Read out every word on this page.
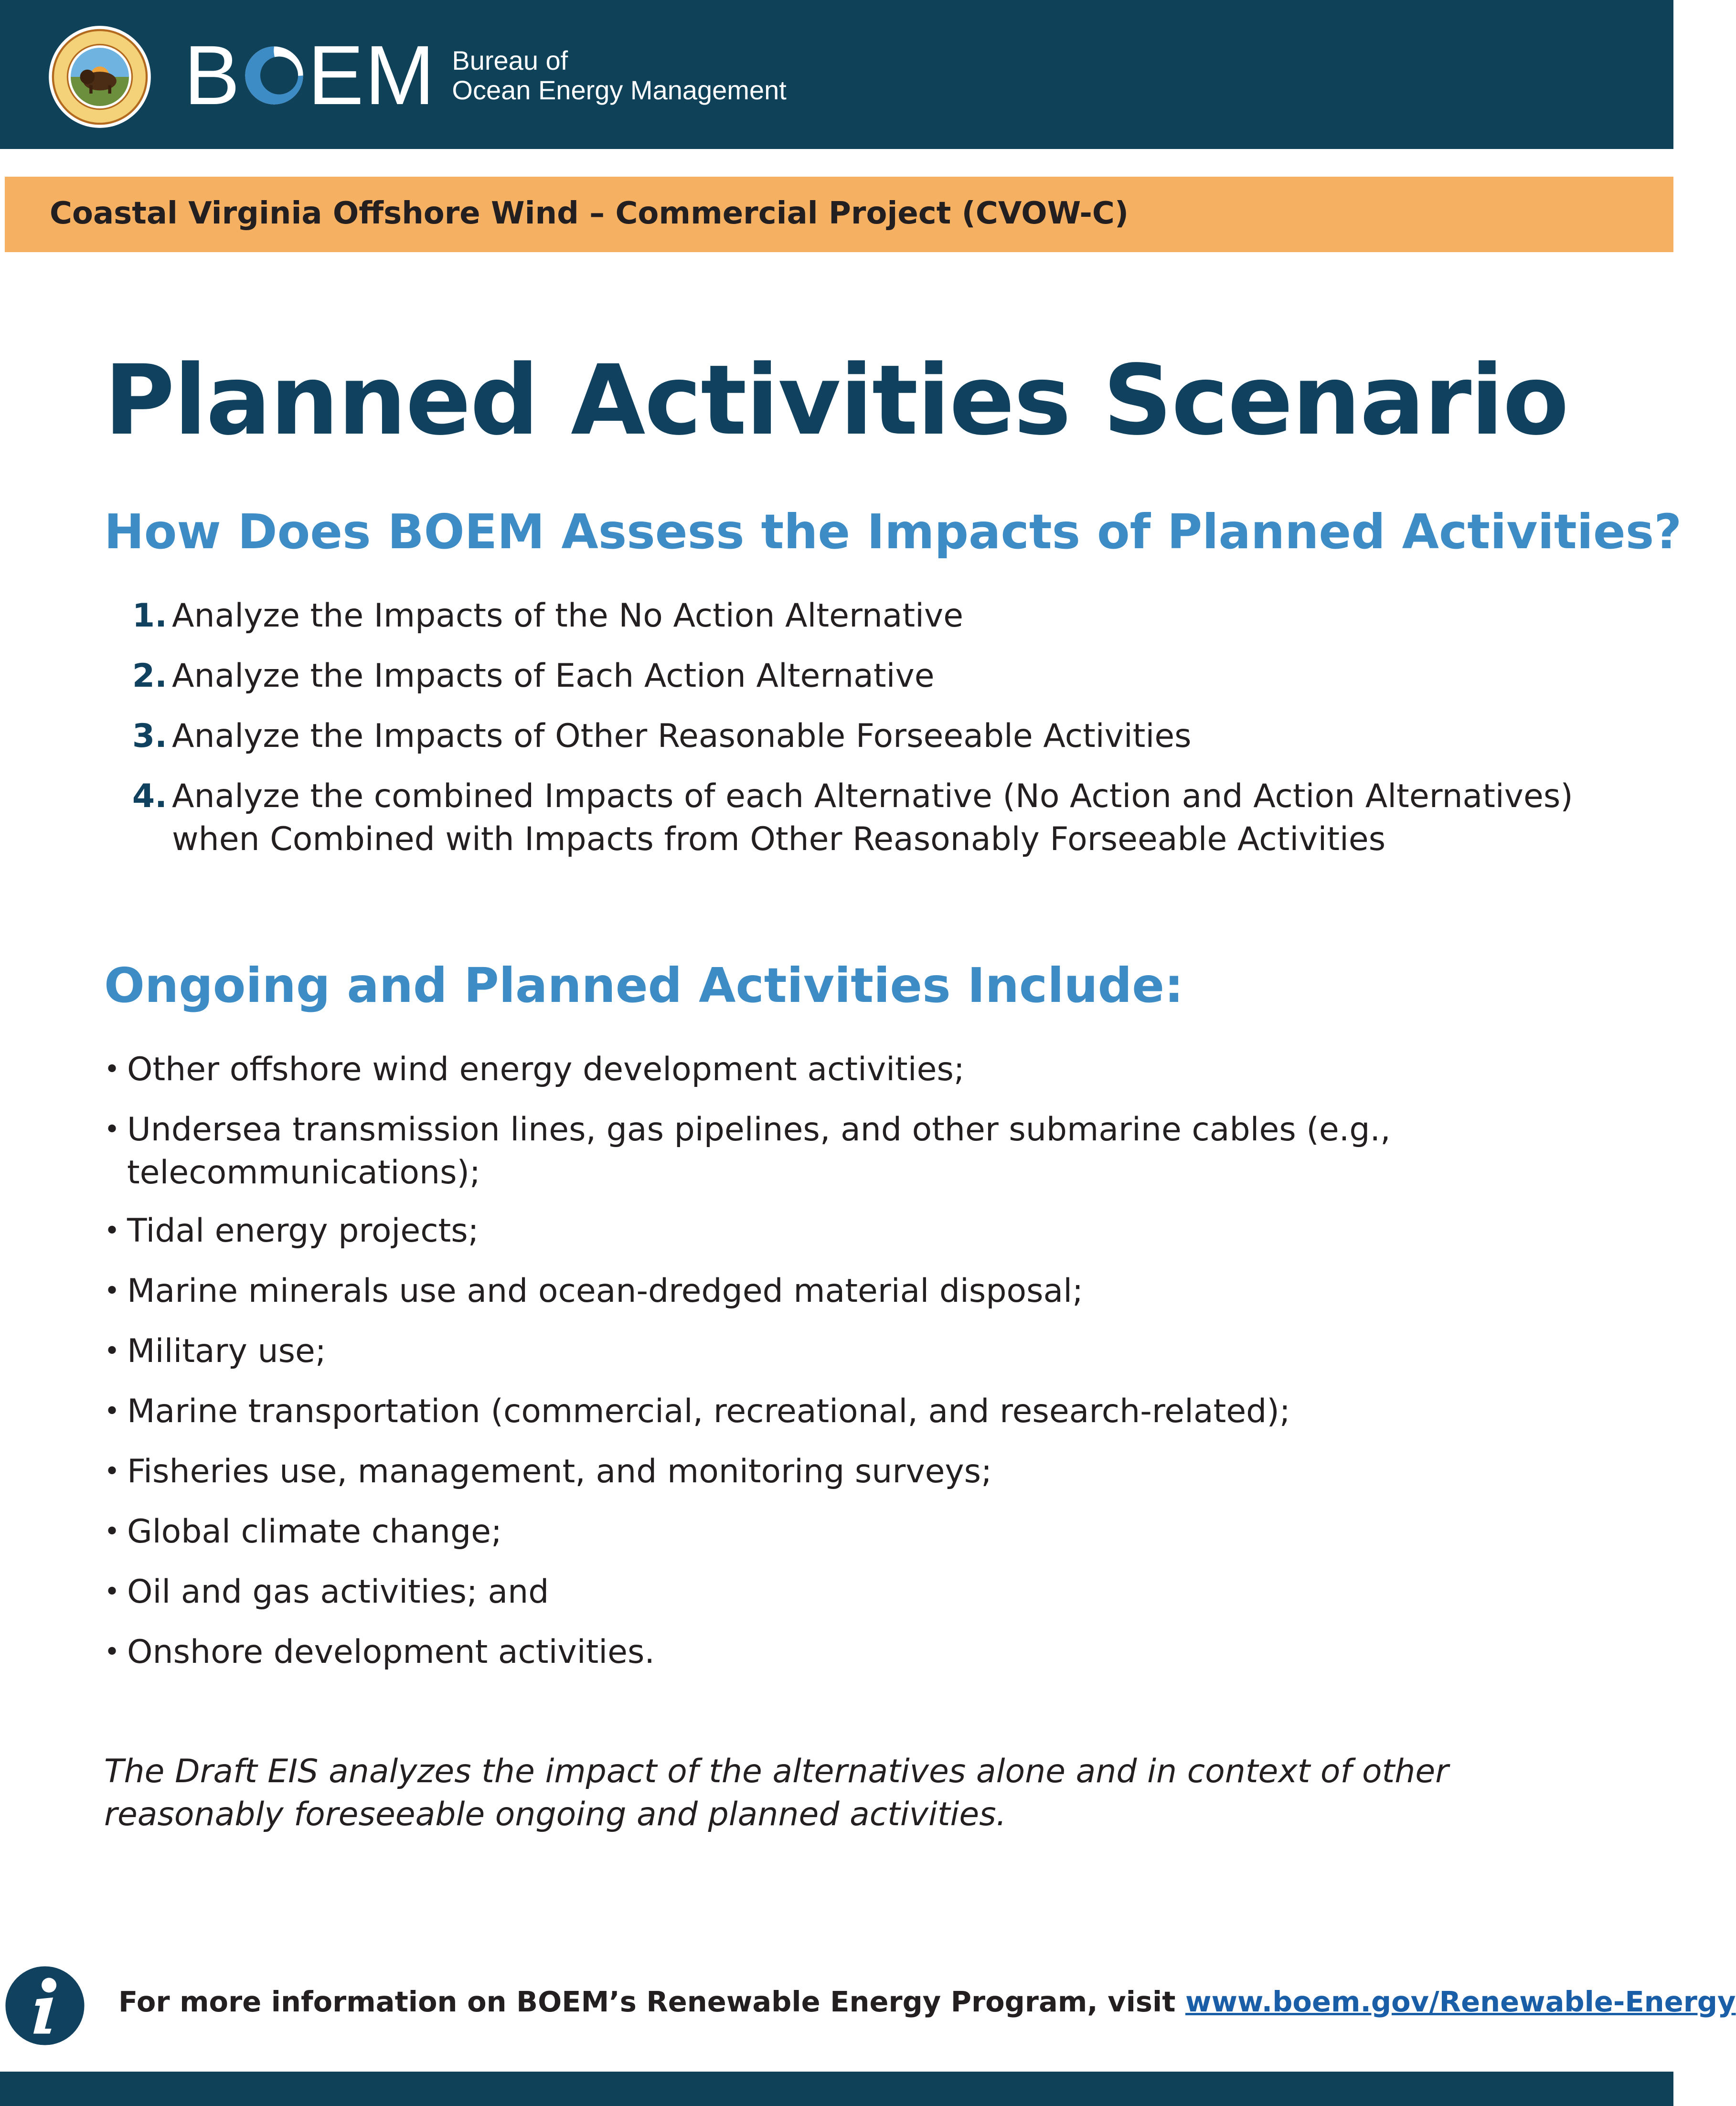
B EM Bureau of
Ocean Energy Management
Coastal Virginia Offshore Wind – Commercial Project (CVOW-C)
Planned Activities Scenario
How Does BOEM Assess the Impacts of Planned Activities?
1. Analyze the Impacts of the No Action Alternative
2. Analyze the Impacts of Each Action Alternative
3. Analyze the Impacts of Other Reasonable Forseeable Activities
4. Analyze the combined Impacts of each Alternative (No Action and Action Alternatives) when Combined with Impacts from Other Reasonably Forseeable Activities
Ongoing and Planned Activities Include:
• Other offshore wind energy development activities;
• Undersea transmission lines, gas pipelines, and other submarine cables (e.g., telecommunications);
• Tidal energy projects;
• Marine minerals use and ocean-dredged material disposal;
• Military use;
• Marine transportation (commercial, recreational, and research-related);
• Fisheries use, management, and monitoring surveys;
• Global climate change;
• Oil and gas activities; and
• Onshore development activities.

The Draft EIS analyzes the impact of the alternatives alone and in context of other reasonably foreseeable ongoing and planned activities.

For more information on BOEM’s Renewable Energy Program, visit www.boem.gov/Renewable-Energy
